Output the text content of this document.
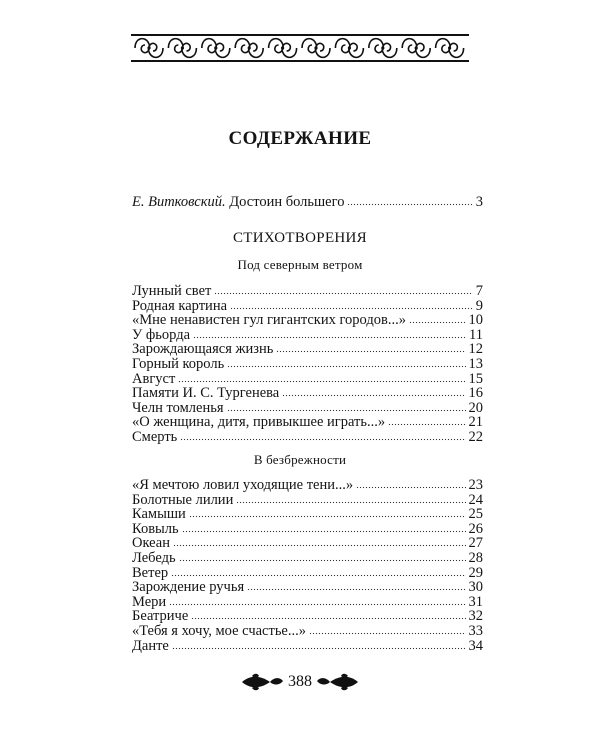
СОДЕРЖАНИЕ
Е. Витковский.
Достоин большего	3
СТИХОТВОРЕНИЯ
Под северным ветром
Лунный свет	7
Родная картина	9
«Мне ненавистен гул гигантских городов...»	10
У фьорда	11
Зарождающаяся жизнь	12
Горный король	13
Август	15
Памяти И. С. Тургенева	16
Челн томленья	20
«О женщина, дитя, привыкшее играть...»	21
Смерть	22
В безбрежности
«Я мечтою ловил уходящие тени...»	23
Болотные лилии	24
Камыши	25
Ковыль	26
Океан	27
Лебедь	28
Ветер	29
Зарождение ручья	30
Мери	31
Беатриче	32
«Тебя я хочу, мое счастье...»	33
Данте	34
388
